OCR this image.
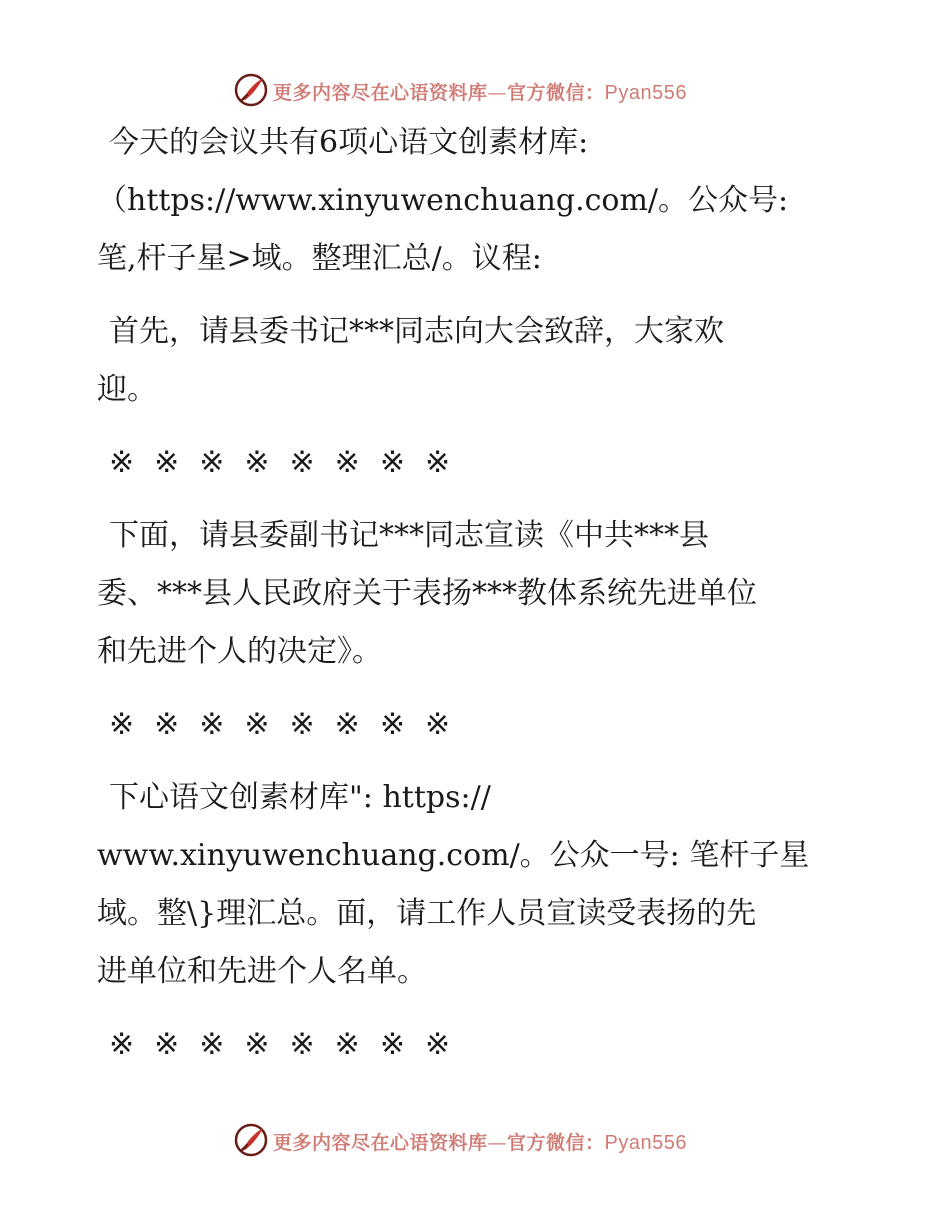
更多内容尽在心语资料库—官方微信：Pyan556

今天的会议共有6项心语文创素材库:

（https://www.xinyuwenchuang.com/。公众号:

笔,杆子星>域。整理汇总/。议程:

首先，请县委书记***同志向大会致辞，大家欢

迎。

※※※※※※※※

下面，请县委副书记***同志宣读《中共***县

委、***县人民政府关于表扬***教体系统先进单位

和先进个人的决定》。

※※※※※※※※

下心语文创素材库": https://

www.xinyuwenchuang.com/。公众一号: 笔杆子星

域。整\}理汇总。面，请工作人员宣读受表扬的先

进单位和先进个人名单。

※※※※※※※※

更多内容尽在心语资料库—官方微信：Pyan556
